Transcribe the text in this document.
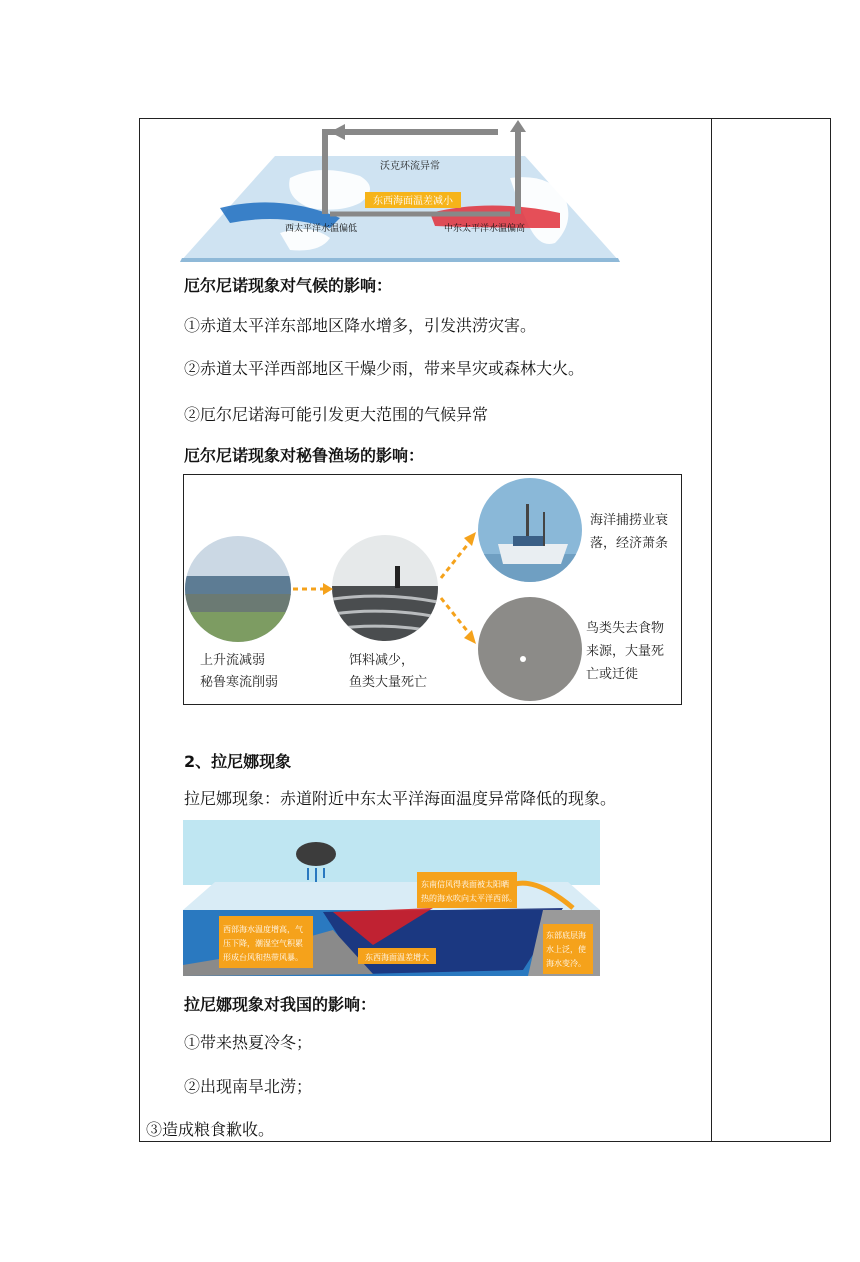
沃克环流异常
东西海面温差减小
西太平洋水温偏低	中东太平洋水温偏高
厄尔尼诺现象对气候的影响：
①赤道太平洋东部地区降水增多，引发洪涝灾害。
②赤道太平洋西部地区干燥少雨，带来旱灾或森林大火。
②厄尔尼诺海可能引发更大范围的气候异常
厄尔尼诺现象对秘鲁渔场的影响：
上升流减弱
秘鲁寒流削弱
饵料减少，
鱼类大量死亡
海洋捕捞业衰
落，经济萧条
鸟类失去食物
来源，大量死
亡或迁徙
2、拉尼娜现象
拉尼娜现象：赤道附近中东太平洋海面温度异常降低的现象。
东南信风得表面被太阳晒
热的海水吹向太平洋西部。
西部海水温度增高，气
压下降，潮湿空气积累
形成台风和热带风暴。	东西海面温差增大
东部底层海
水上泛，使
海水变冷。
拉尼娜现象对我国的影响：
①带来热夏冷冬；
②出现南旱北涝；
③造成粮食歉收。
